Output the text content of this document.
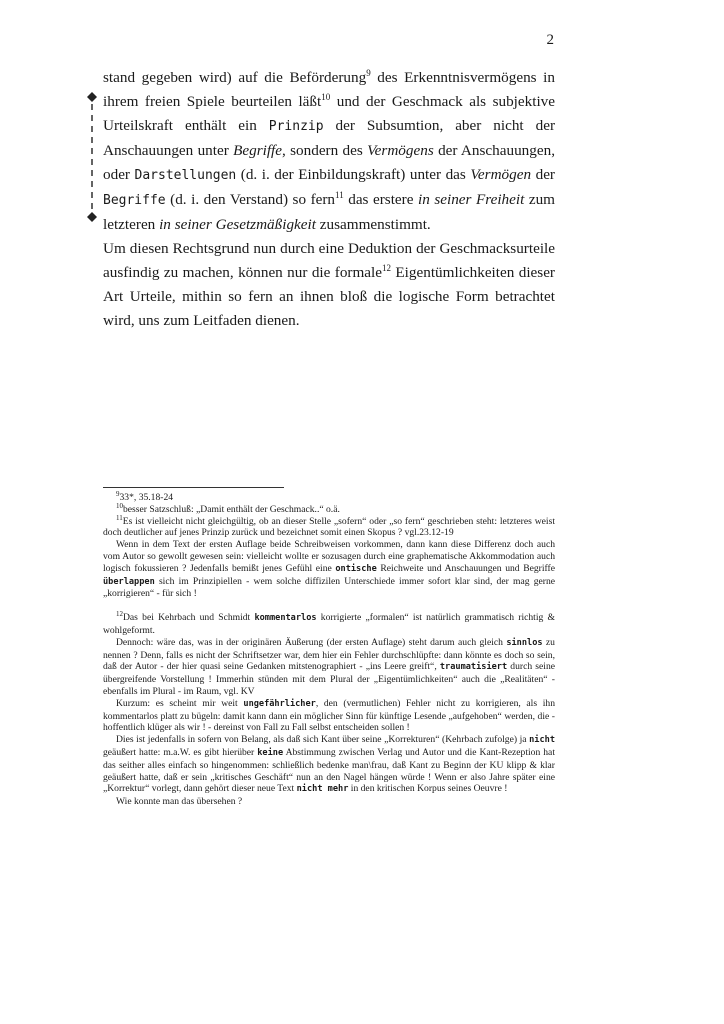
2

stand gegeben wird) auf die Beförderung$^9$ des Erkenntnisvermögens in ihrem freien Spiele beurteilen läßt$^{10}$ und der Geschmack als subjektive Urteilskraft enthält ein Prinzip der Subsumtion, aber nicht der Anschauungen unter Begriffe, sondern des Vermögens der Anschauungen, oder Darstellungen (d. i. der Einbildungskraft) unter das Vermögen der Begriffe (d. i. den Verstand) so fern$^{11}$ das erstere in seiner Freiheit zum letzteren in seiner Gesetzmäßigkeit zusammenstimmt.

Um diesen Rechtsgrund nun durch eine Deduktion der Geschmacksurteile ausfindig zu machen, können nur die formale$^{12}$ Eigentümlichkeiten dieser Art Urteile, mithin so fern an ihnen bloß die logische Form betrachtet wird, uns zum Leitfaden dienen.

$^9$33*, 35.18-24

$^{10}$besser Satzschluß: „Damit enthält der Geschmack..“ o.ä.

$^{11}$Es ist vielleicht nicht gleichgültig, ob an dieser Stelle „sofern“ oder „so fern“ geschrieben steht: letzteres weist doch deutlicher auf jenes Prinzip zurück und bezeichnet somit einen Skopus ? vgl.23.12-19

Wenn in dem Text der ersten Auflage beide Schreibweisen vorkommen, dann kann diese Differenz doch auch vom Autor so gewollt gewesen sein: vielleicht wollte er sozusagen durch eine graphematische Akkommodation auch logisch fokussieren ? Jedenfalls bemißt jenes Gefühl eine ontische Reichweite und Anschauungen und Begriffe überlappen sich im Prinzipiellen - wem solche diffizilen Unterschiede immer sofort klar sind, der mag gerne „korrigieren“ - für sich !

$^{12}$Das bei Kehrbach und Schmidt kommentarlos korrigierte „formalen“ ist natürlich grammatisch richtig & wohlgeformt.

Dennoch: wäre das, was in der originären Äußerung (der ersten Auflage) steht darum auch gleich sinnlos zu nennen ? Denn, falls es nicht der Schriftsetzer war, dem hier ein Fehler durchschlüpfte: dann könnte es doch so sein, daß der Autor - der hier quasi seine Gedanken mitstenographiert - „ins Leere greift“, traumatisiert durch seine übergreifende Vorstellung ! Immerhin stünden mit dem Plural der „Eigentümlichkeiten“ auch die „Realitäten“ - ebenfalls im Plural - im Raum, vgl. KV

Kurzum: es scheint mir weit ungefährlicher, den (vermutlichen) Fehler nicht zu korrigieren, als ihn kommentarlos platt zu bügeln: damit kann dann ein möglicher Sinn für künftige Lesende „aufgehoben“ werden, die - hoffentlich klüger als wir ! - dereinst von Fall zu Fall selbst entscheiden sollen !

Dies ist jedenfalls in sofern von Belang, als daß sich Kant über seine „Korrekturen“ (Kehrbach zufolge) ja nicht geäußert hatte: m.a.W. es gibt hierüber keine Abstimmung zwischen Verlag und Autor und die Kant-Rezeption hat das seither alles einfach so hingenommen: schließlich bedenke man\frau, daß Kant zu Beginn der KU klipp & klar geäußert hatte, daß er sein „kritisches Geschäft“ nun an den Nagel hängen würde ! Wenn er also Jahre später eine „Korrektur“ vorlegt, dann gehört dieser neue Text nicht mehr in den kritischen Korpus seines Oeuvre !

Wie konnte man das übersehen ?
